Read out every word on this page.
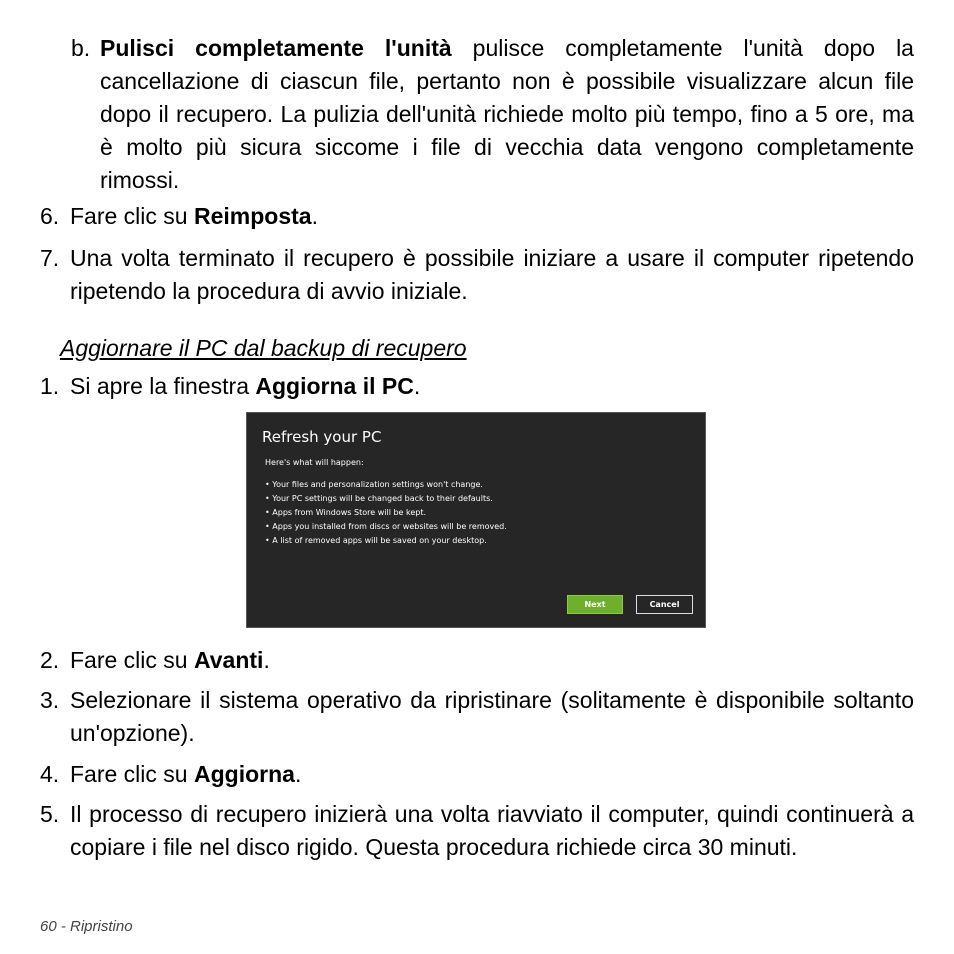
b. Pulisci completamente l'unità pulisce completamente l'unità dopo la cancellazione di ciascun file, pertanto non è possibile visualizzare alcun file dopo il recupero. La pulizia dell'unità richiede molto più tempo, fino a 5 ore, ma è molto più sicura siccome i file di vecchia data vengono completamente rimossi.
6. Fare clic su Reimposta.
7. Una volta terminato il recupero è possibile iniziare a usare il computer ripetendo ripetendo la procedura di avvio iniziale.
Aggiornare il PC dal backup di recupero
1. Si apre la finestra Aggiorna il PC.
Refresh your PC
Here's what will happen:
• Your files and personalization settings won't change.
• Your PC settings will be changed back to their defaults.
• Apps from Windows Store will be kept.
• Apps you installed from discs or websites will be removed.
• A list of removed apps will be saved on your desktop.
Next	Cancel
2. Fare clic su Avanti.
3. Selezionare il sistema operativo da ripristinare (solitamente è disponibile soltanto un'opzione).
4. Fare clic su Aggiorna.
5. Il processo di recupero inizierà una volta riavviato il computer, quindi continuerà a copiare i file nel disco rigido. Questa procedura richiede circa 30 minuti.
60 - Ripristino
